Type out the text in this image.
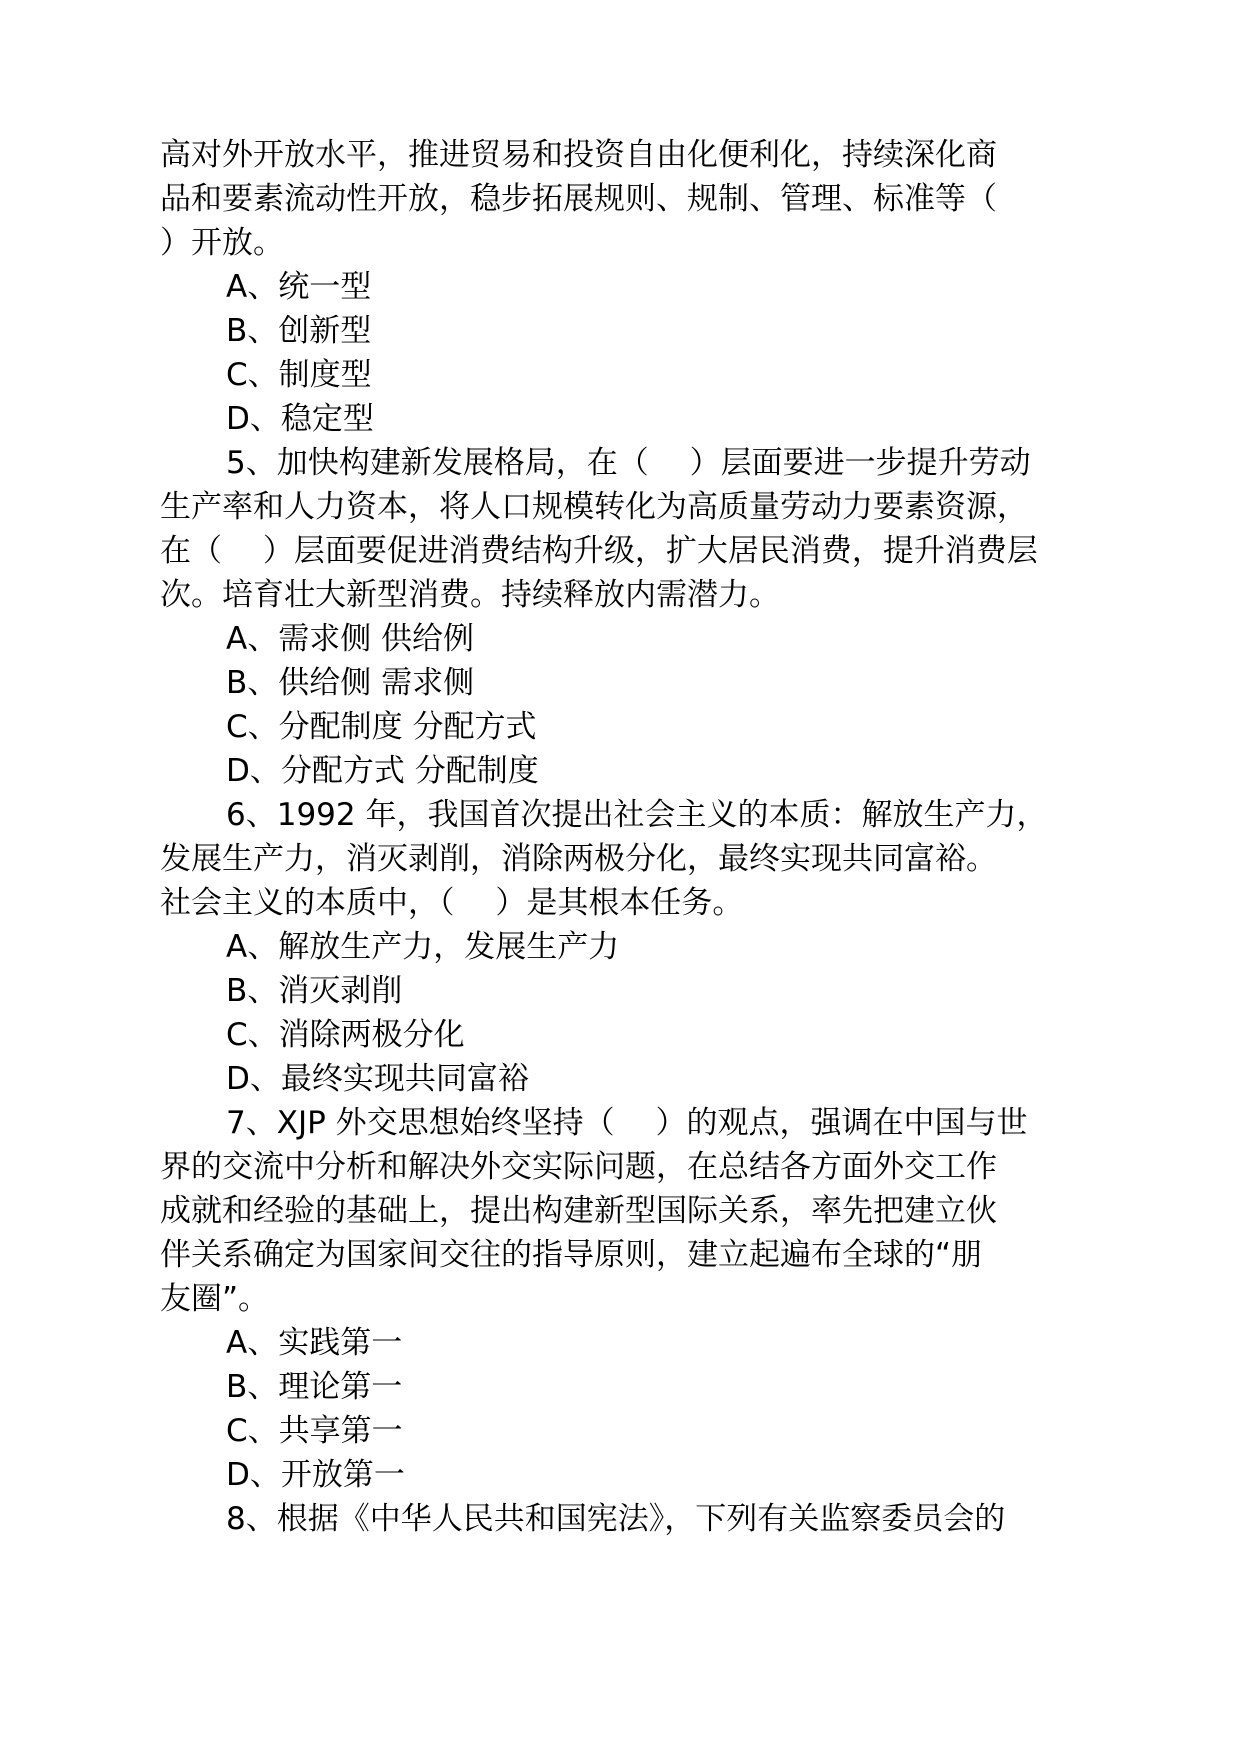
高对外开放水平，推进贸易和投资自由化便利化，持续深化商

品和要素流动性开放，稳步拓展规则、规制、管理、标准等（

）开放。

A、统一型

B、创新型

C、制度型

D、稳定型

5、加快构建新发展格局，在（　 ）层面要进一步提升劳动

生产率和人力资本，将人口规模转化为高质量劳动力要素资源，

在（　 ）层面要促进消费结构升级，扩大居民消费，提升消费层

次。培育壮大新型消费。持续释放内需潜力。

A、需求侧 供给例

B、供给侧 需求侧

C、分配制度 分配方式

D、分配方式 分配制度

6、1992 年，我国首次提出社会主义的本质：解放生产力，

发展生产力，消灭剥削，消除两极分化，最终实现共同富裕。

社会主义的本质中，（　 ）是其根本任务。

A、解放生产力，发展生产力

B、消灭剥削

C、消除两极分化

D、最终实现共同富裕

7、XJP 外交思想始终坚持（　 ）的观点，强调在中国与世

界的交流中分析和解决外交实际问题，在总结各方面外交工作

成就和经验的基础上，提出构建新型国际关系，率先把建立伙

伴关系确定为国家间交往的指导原则，建立起遍布全球的“朋

友圈”。

A、实践第一

B、理论第一

C、共享第一

D、开放第一

8、根据《中华人民共和国宪法》，下列有关监察委员会的
